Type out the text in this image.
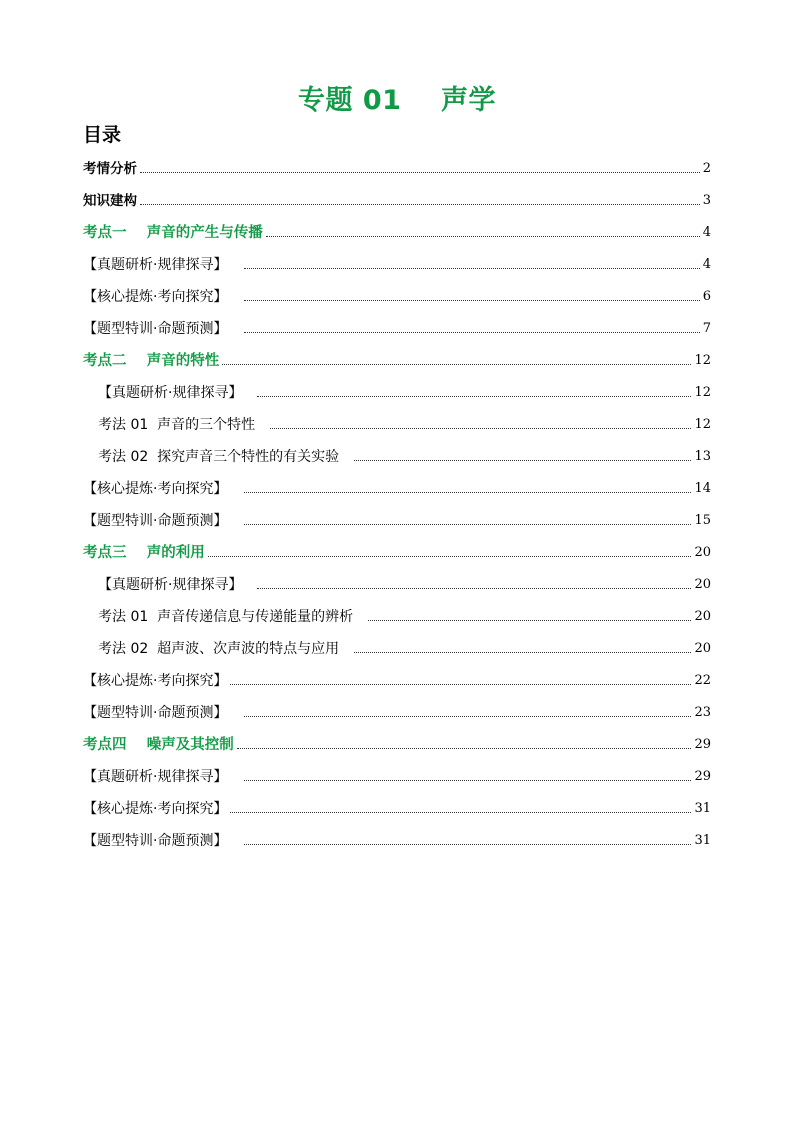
专题 01    声学
目录
考情分析	2
知识建构	3
考点一    声音的产生与传播	4
【真题研析·规律探寻】	4
【核心提炼·考向探究】	6
【题型特训·命题预测】	7
考点二    声音的特性	12
【真题研析·规律探寻】	12
考法 01  声音的三个特性	12
考法 02  探究声音三个特性的有关实验	13
【核心提炼·考向探究】	14
【题型特训·命题预测】	15
考点三    声的利用	20
【真题研析·规律探寻】	20
考法 01  声音传递信息与传递能量的辨析	20
考法 02  超声波、次声波的特点与应用	20
【核心提炼·考向探究】	22
【题型特训·命题预测】	23
考点四    噪声及其控制	29
【真题研析·规律探寻】	29
【核心提炼·考向探究】	31
【题型特训·命题预测】	31
